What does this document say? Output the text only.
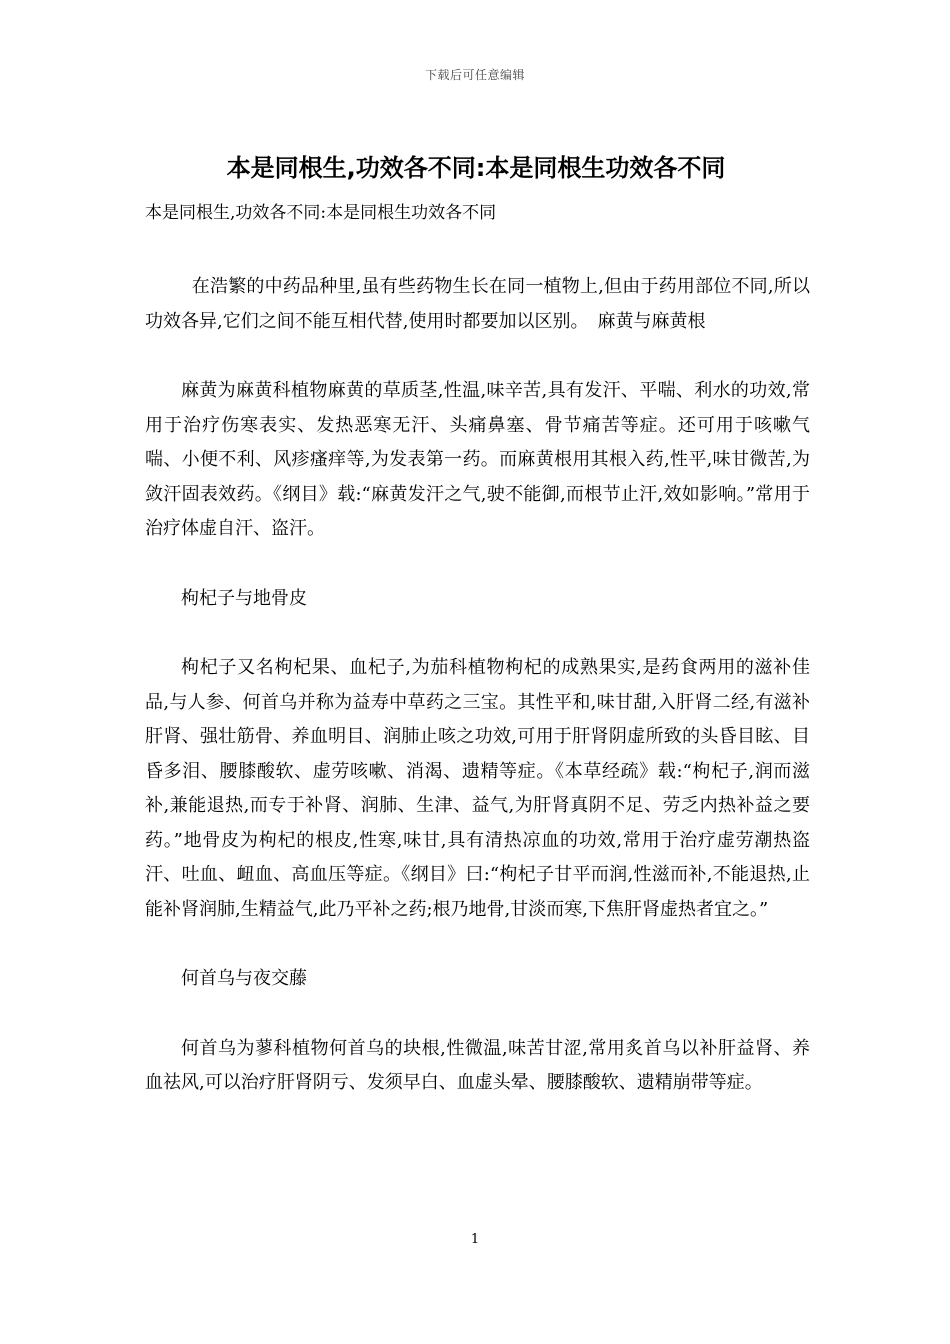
下载后可任意编辑
本是同根生,功效各不同:本是同根生功效各不同
本是同根生,功效各不同:本是同根生功效各不同

在浩繁的中药品种里,虽有些药物生长在同一植物上,但由于药用部位不同,所以功效各异,它们之间不能互相代替,使用时都要加以区别。　麻黄与麻黄根

麻黄为麻黄科植物麻黄的草质茎,性温,味辛苦,具有发汗、平喘、利水的功效,常用于治疗伤寒表实、发热恶寒无汗、头痛鼻塞、骨节痛苦等症。还可用于咳嗽气喘、小便不利、风疹瘙痒等,为发表第一药。而麻黄根用其根入药,性平,味甘微苦,为敛汗固表效药。《纲目》载:“麻黄发汗之气,驶不能御,而根节止汗,效如影响。”常用于治疗体虚自汗、盗汗。

枸杞子与地骨皮

枸杞子又名枸杞果、血杞子,为茄科植物枸杞的成熟果实,是药食两用的滋补佳品,与人参、何首乌并称为益寿中草药之三宝。其性平和,味甘甜,入肝肾二经,有滋补肝肾、强壮筋骨、养血明目、润肺止咳之功效,可用于肝肾阴虚所致的头昏目眩、目昏多泪、腰膝酸软、虚劳咳嗽、消渴、遗精等症。《本草经疏》载:“枸杞子,润而滋补,兼能退热,而专于补肾、润肺、生津、益气,为肝肾真阴不足、劳乏内热补益之要药。”地骨皮为枸杞的根皮,性寒,味甘,具有清热凉血的功效,常用于治疗虚劳潮热盗汗、吐血、衄血、高血压等症。《纲目》曰:“枸杞子甘平而润,性滋而补,不能退热,止能补肾润肺,生精益气,此乃平补之药;根乃地骨,甘淡而寒,下焦肝肾虚热者宜之。”

何首乌与夜交藤

何首乌为蓼科植物何首乌的块根,性微温,味苦甘涩,常用炙首乌以补肝益肾、养血祛风,可以治疗肝肾阴亏、发须早白、血虚头晕、腰膝酸软、遗精崩带等症。

1
